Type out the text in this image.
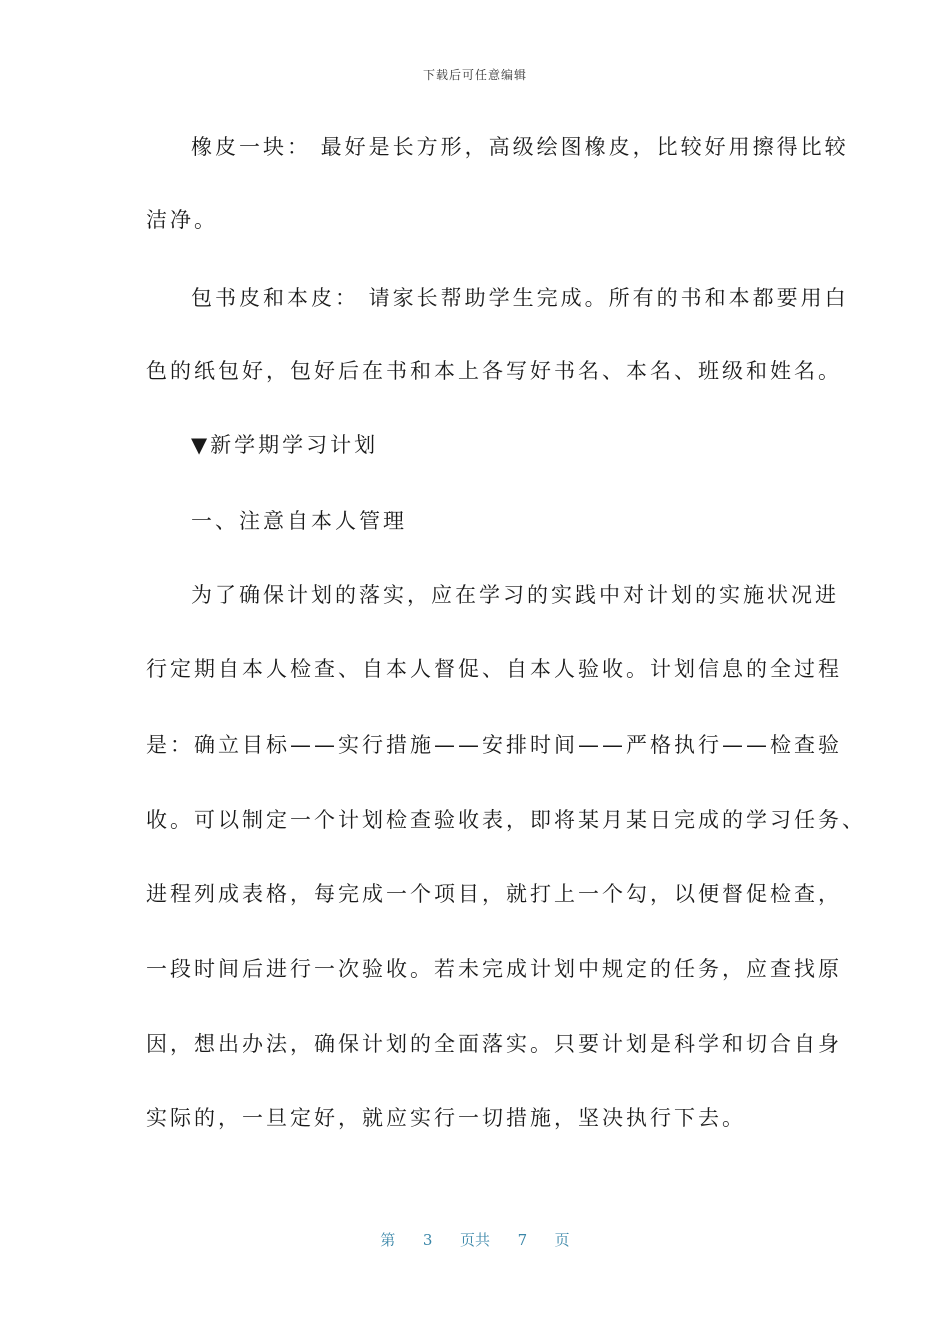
下载后可任意编辑
橡皮一块： 最好是长方形，高级绘图橡皮，比较好用擦得比较
洁净。
包书皮和本皮： 请家长帮助学生完成。所有的书和本都要用白
色的纸包好，包好后在书和本上各写好书名、本名、班级和姓名。
▼新学期学习计划
一、注意自本人管理
为了确保计划的落实，应在学习的实践中对计划的实施状况进
行定期自本人检查、自本人督促、自本人验收。计划信息的全过程
是：确立目标——实行措施——安排时间——严格执行——检查验
收。可以制定一个计划检查验收表，即将某月某日完成的学习任务、
进程列成表格，每完成一个项目，就打上一个勾，以便督促检查，
一段时间后进行一次验收。若未完成计划中规定的任务，应查找原
因，想出办法，确保计划的全面落实。只要计划是科学和切合自身
实际的，一旦定好，就应实行一切措施，坚决执行下去。
第 3 页共 7 页
